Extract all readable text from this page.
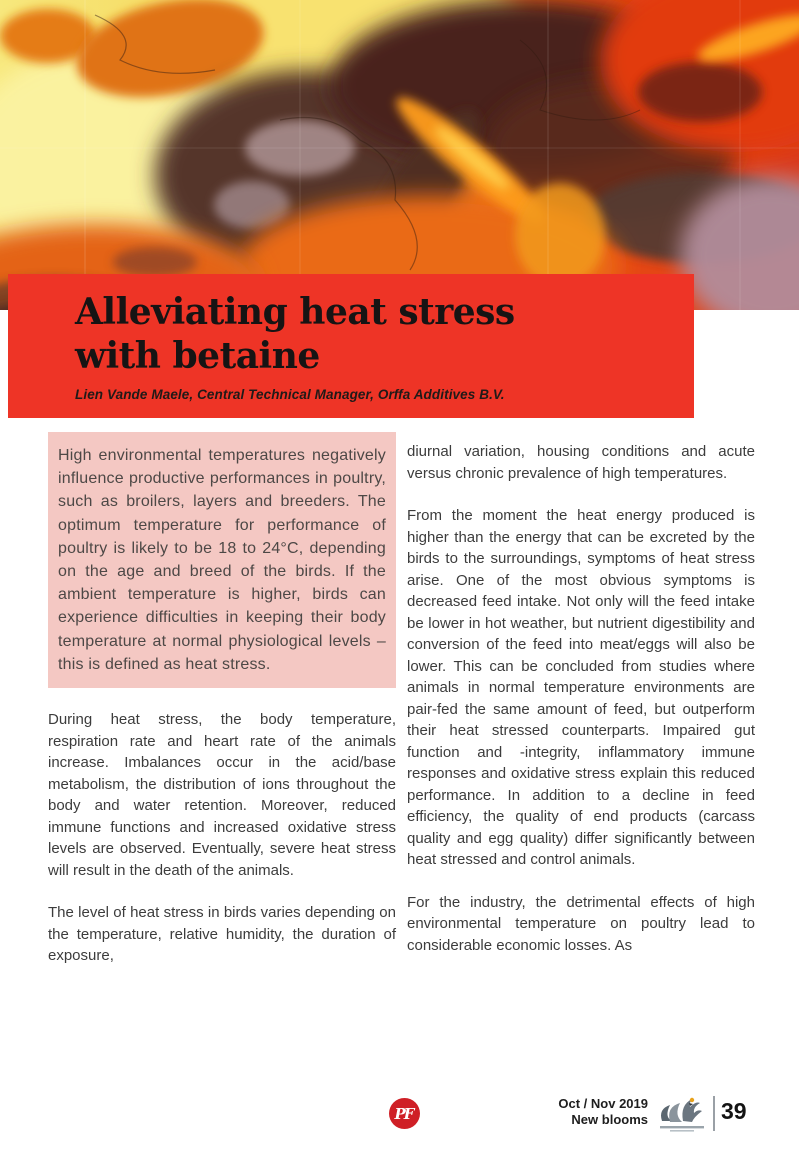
Alleviating heat stress
with betaine
Lien Vande Maele, Central Technical Manager, Orffa Additives B.V.

High environmental temperatures negatively influence productive performances in poultry, such as broilers, layers and breeders. The optimum temperature for performance of poultry is likely to be 18 to 24°C, depending on the age and breed of the birds. If the ambient temperature is higher, birds can experience difficulties in keeping their body temperature at normal physiological levels – this is defined as heat stress.

During heat stress, the body temperature, respiration rate and heart rate of the animals increase. Imbalances occur in the acid/base metabolism, the distribution of ions throughout the body and water retention. Moreover, reduced immune functions and increased oxidative stress levels are observed. Eventually, severe heat stress will result in the death of the animals.

The level of heat stress in birds varies depending on the temperature, relative humidity, the duration of exposure,

diurnal variation, housing conditions and acute versus chronic prevalence of high temperatures.

From the moment the heat energy produced is higher than the energy that can be excreted by the birds to the surroundings, symptoms of heat stress arise. One of the most obvious symptoms is decreased feed intake. Not only will the feed intake be lower in hot weather, but nutrient digestibility and conversion of the feed into meat/eggs will also be lower. This can be concluded from studies where animals in normal temperature environments are pair-fed the same amount of feed, but outperform their heat stressed counterparts. Impaired gut function and -integrity, inflammatory immune responses and oxidative stress explain this reduced performance. In addition to a decline in feed efficiency, the quality of end products (carcass quality and egg quality) differ significantly between heat stressed and control animals.

For the industry, the detrimental effects of high environmental temperature on poultry lead to considerable economic losses. As

PF
Oct / Nov 2019
New blooms	39
